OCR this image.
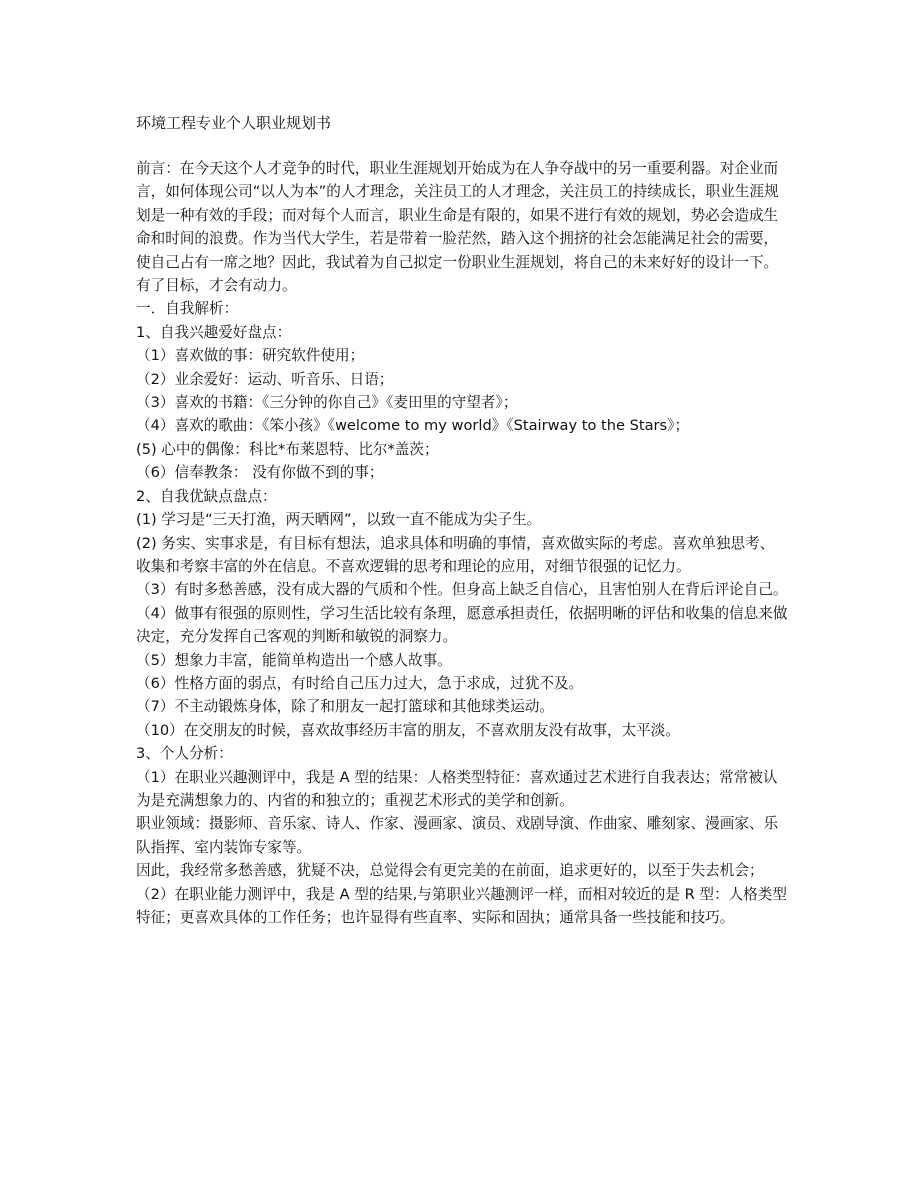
环境工程专业个人职业规划书

前言：在今天这个人才竞争的时代，职业生涯规划开始成为在人争夺战中的另一重要利器。对企业而言，如何体现公司“以人为本”的人才理念，关注员工的人才理念，关注员工的持续成长，职业生涯规划是一种有效的手段；而对每个人而言，职业生命是有限的，如果不进行有效的规划，势必会造成生命和时间的浪费。作为当代大学生，若是带着一脸茫然，踏入这个拥挤的社会怎能满足社会的需要，使自己占有一席之地？因此，我试着为自己拟定一份职业生涯规划，将自己的未来好好的设计一下。有了目标，才会有动力。

一．自我解析：

1、自我兴趣爱好盘点：

（1）喜欢做的事：研究软件使用；

（2）业余爱好：运动、听音乐、日语；

（3）喜欢的书籍：《三分钟的你自己》《麦田里的守望者》；

（4）喜欢的歌曲：《笨小孩》《welcome to my world》《Stairway to the Stars》；

(5) 心中的偶像：科比*布莱恩特、比尔*盖茨；

（6）信奉教条： 没有你做不到的事；

2、自我优缺点盘点：

(1) 学习是“三天打渔，两天晒网”，以致一直不能成为尖子生。

(2) 务实、实事求是，有目标有想法，追求具体和明确的事情，喜欢做实际的考虑。喜欢单独思考、收集和考察丰富的外在信息。不喜欢逻辑的思考和理论的应用，对细节很强的记忆力。

（3）有时多愁善感，没有成大器的气质和个性。但身高上缺乏自信心，且害怕别人在背后评论自己。

（4）做事有很强的原则性，学习生活比较有条理，愿意承担责任，依据明晰的评估和收集的信息来做决定，充分发挥自己客观的判断和敏锐的洞察力。

（5）想象力丰富，能简单构造出一个感人故事。

（6）性格方面的弱点，有时给自己压力过大，急于求成，过犹不及。

（7）不主动锻炼身体，除了和朋友一起打篮球和其他球类运动。

（10）在交朋友的时候，喜欢故事经历丰富的朋友，不喜欢朋友没有故事，太平淡。

3、个人分析：

（1）在职业兴趣测评中，我是 A 型的结果：人格类型特征：喜欢通过艺术进行自我表达；常常被认为是充满想象力的、内省的和独立的；重视艺术形式的美学和创新。

职业领域：摄影师、音乐家、诗人、作家、漫画家、演员、戏剧导演、作曲家、雕刻家、漫画家、乐队指挥、室内装饰专家等。

因此，我经常多愁善感，犹疑不决，总觉得会有更完美的在前面，追求更好的，以至于失去机会；

（2）在职业能力测评中，我是 A 型的结果,与第职业兴趣测评一样，而相对较近的是 R 型：人格类型特征；更喜欢具体的工作任务；也许显得有些直率、实际和固执；通常具备一些技能和技巧。
